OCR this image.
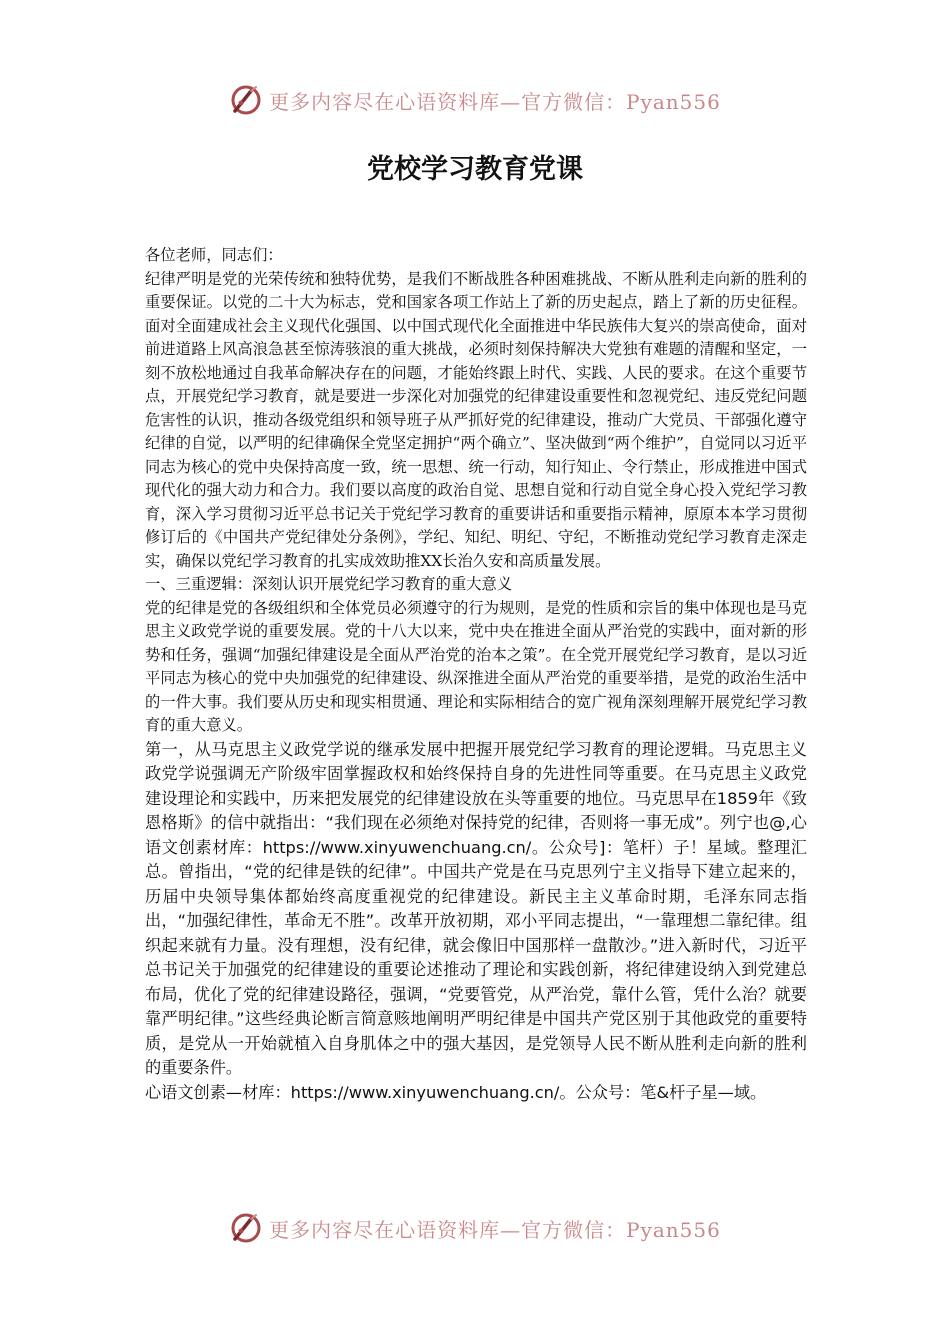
更多内容尽在心语资料库—官方微信：Pyan556
党校学习教育党课

各位老师，同志们：

纪律严明是党的光荣传统和独特优势，是我们不断战胜各种困难挑战、不断从胜利走向新的胜利的重要保证。以党的二十大为标志，党和国家各项工作站上了新的历史起点，踏上了新的历史征程。面对全面建成社会主义现代化强国、以中国式现代化全面推进中华民族伟大复兴的崇高使命，面对前进道路上风高浪急甚至惊涛骇浪的重大挑战，必须时刻保持解决大党独有难题的清醒和坚定，一刻不放松地通过自我革命解决存在的问题，才能始终跟上时代、实践、人民的要求。在这个重要节点，开展党纪学习教育，就是要进一步深化对加强党的纪律建设重要性和忽视党纪、违反党纪问题危害性的认识，推动各级党组织和领导班子从严抓好党的纪律建设，推动广大党员、干部强化遵守纪律的自觉，以严明的纪律确保全党坚定拥护“两个确立”、坚决做到“两个维护”，自觉同以习近平同志为核心的党中央保持高度一致，统一思想、统一行动，知行知止、令行禁止，形成推进中国式现代化的强大动力和合力。我们要以高度的政治自觉、思想自觉和行动自觉全身心投入党纪学习教育，深入学习贯彻习近平总书记关于党纪学习教育的重要讲话和重要指示精神，原原本本学习贯彻修订后的《中国共产党纪律处分条例》，学纪、知纪、明纪、守纪，不断推动党纪学习教育走深走实，确保以党纪学习教育的扎实成效助推XX长治久安和高质量发展。

一、三重逻辑：深刻认识开展党纪学习教育的重大意义

党的纪律是党的各级组织和全体党员必须遵守的行为规则，是党的性质和宗旨的集中体现也是马克思主义政党学说的重要发展。党的十八大以来，党中央在推进全面从严治党的实践中，面对新的形势和任务，强调“加强纪律建设是全面从严治党的治本之策”。在全党开展党纪学习教育，是以习近平同志为核心的党中央加强党的纪律建设、纵深推进全面从严治党的重要举措，是党的政治生活中的一件大事。我们要从历史和现实相贯通、理论和实际相结合的宽广视角深刻理解开展党纪学习教育的重大意义。

第一，从马克思主义政党学说的继承发展中把握开展党纪学习教育的理论逻辑。马克思主义政党学说强调无产阶级牢固掌握政权和始终保持自身的先进性同等重要。在马克思主义政党建设理论和实践中，历来把发展党的纪律建设放在头等重要的地位。马克思早在1859年《致恩格斯》的信中就指出：“我们现在必须绝对保持党的纪律，否则将一事无成”。列宁也@,心语文创素材库：https://www.xinyuwenchuang.cn/。公众号]：笔杆）子！星域。整理汇总。曾指出，“党的纪律是铁的纪律”。中国共产党是在马克思列宁主义指导下建立起来的，历届中央领导集体都始终高度重视党的纪律建设。新民主主义革命时期，毛泽东同志指出，“加强纪律性，革命无不胜”。改革开放初期，邓小平同志提出，“一靠理想二靠纪律。组织起来就有力量。没有理想，没有纪律，就会像旧中国那样一盘散沙。”进入新时代，习近平总书记关于加强党的纪律建设的重要论述推动了理论和实践创新，将纪律建设纳入到党建总布局，优化了党的纪律建设路径，强调，“党要管党，从严治党，靠什么管，凭什么治？就要靠严明纪律。”这些经典论断言简意赅地阐明严明纪律是中国共产党区别于其他政党的重要特质，是党从一开始就植入自身肌体之中的强大基因，是党领导人民不断从胜利走向新的胜利的重要条件。

心语文创素—材库：https://www.xinyuwenchuang.cn/。公众号：笔&杆子星—域。

更多内容尽在心语资料库—官方微信：Pyan556
